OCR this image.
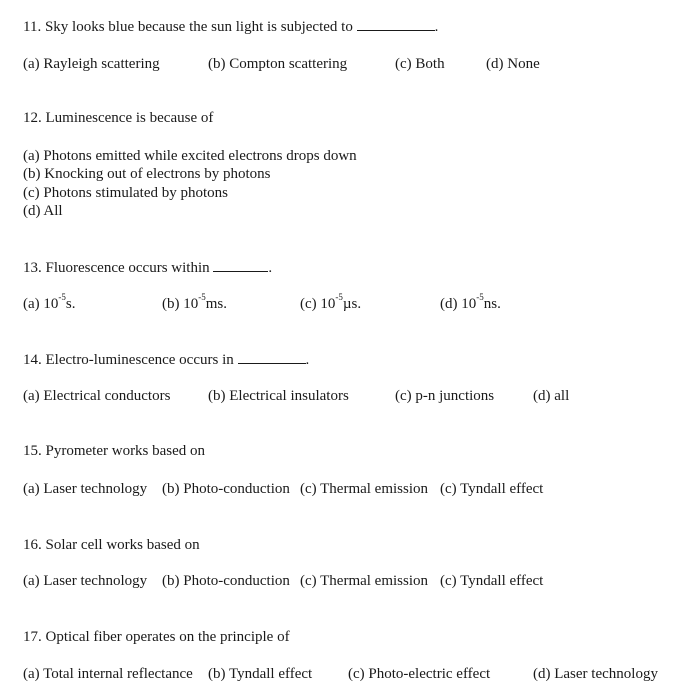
11. Sky looks blue because the sun light is subjected to	.
(a) Rayleigh scattering	(b) Compton scattering	(c) Both	(d) None
12. Luminescence is because of
(a) Photons emitted while excited electrons drops down
(b) Knocking out of electrons by photons
(c) Photons stimulated by photons
(d) All
13. Fluorescence occurs within	.
(a) $10^{-5}s$.	(b) $10^{-5}ms$.	(c) $10^{-5}\mu s$.	(d) $10^{-5}ns$.
14. Electro-luminescence occurs in	.
(a) Electrical conductors	(b) Electrical insulators	(c) p-n junctions	(d) all
15. Pyrometer works based on
(a) Laser technology (b) Photo-conduction (c) Thermal emission (c) Tyndall effect
16. Solar cell works based on
(a) Laser technology (b) Photo-conduction (c) Thermal emission (c) Tyndall effect
17. Optical fiber operates on the principle of
(a) Total internal reflectance (b) Tyndall effect (c) Photo-electric effect	(d) Laser technology
